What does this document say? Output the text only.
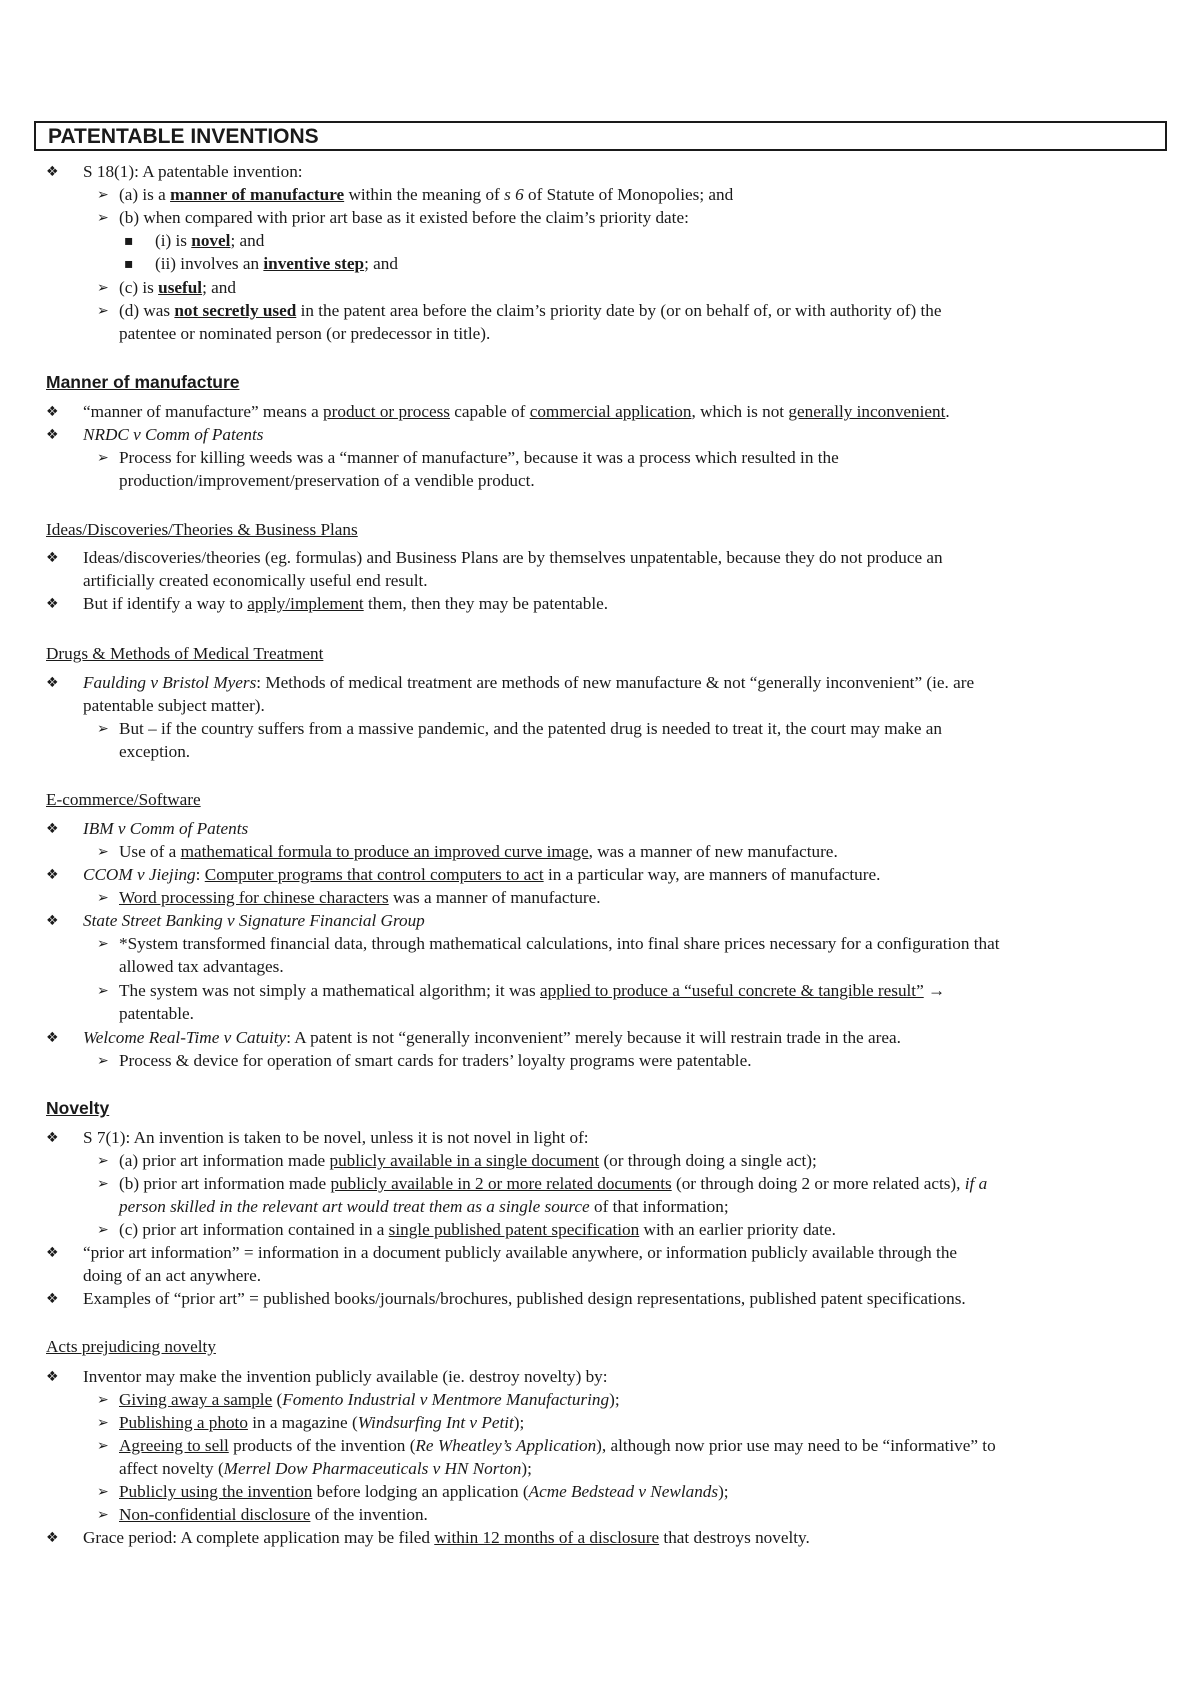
PATENTABLE INVENTIONS
❖ S 18(1): A patentable invention:
➢ (a) is a manner of manufacture within the meaning of s 6 of Statute of Monopolies; and
➢ (b) when compared with prior art base as it existed before the claim’s priority date:
▪ (i) is novel; and
▪ (ii) involves an inventive step; and
➢ (c) is useful; and
➢ (d) was not secretly used in the patent area before the claim’s priority date by (or on behalf of, or with authority of) the
patentee or nominated person (or predecessor in title).
Manner of manufacture
❖ “manner of manufacture” means a product or process capable of commercial application, which is not generally inconvenient.
❖ NRDC v Comm of Patents
➢ Process for killing weeds was a “manner of manufacture”, because it was a process which resulted in the
production/improvement/preservation of a vendible product.
Ideas/Discoveries/Theories & Business Plans
❖ Ideas/discoveries/theories (eg. formulas) and Business Plans are by themselves unpatentable, because they do not produce an
artificially created economically useful end result.
❖ But if identify a way to apply/implement them, then they may be patentable.
Drugs & Methods of Medical Treatment
❖ Faulding v Bristol Myers: Methods of medical treatment are methods of new manufacture & not “generally inconvenient” (ie. are
patentable subject matter).
➢ But – if the country suffers from a massive pandemic, and the patented drug is needed to treat it, the court may make an
exception.
E-commerce/Software
❖ IBM v Comm of Patents
➢ Use of a mathematical formula to produce an improved curve image, was a manner of new manufacture.
❖ CCOM v Jiejing: Computer programs that control computers to act in a particular way, are manners of manufacture.
➢ Word processing for chinese characters was a manner of manufacture.
❖ State Street Banking v Signature Financial Group
➢ *System transformed financial data, through mathematical calculations, into final share prices necessary for a configuration that
allowed tax advantages.
➢ The system was not simply a mathematical algorithm; it was applied to produce a “useful concrete & tangible result” →
patentable.
❖ Welcome Real-Time v Catuity: A patent is not “generally inconvenient” merely because it will restrain trade in the area.
➢ Process & device for operation of smart cards for traders’ loyalty programs were patentable.
Novelty
❖ S 7(1): An invention is taken to be novel, unless it is not novel in light of:
➢ (a) prior art information made publicly available in a single document (or through doing a single act);
➢ (b) prior art information made publicly available in 2 or more related documents (or through doing 2 or more related acts), if a
person skilled in the relevant art would treat them as a single source of that information;
➢ (c) prior art information contained in a single published patent specification with an earlier priority date.
❖ “prior art information” = information in a document publicly available anywhere, or information publicly available through the
doing of an act anywhere.
❖ Examples of “prior art” = published books/journals/brochures, published design representations, published patent specifications.
Acts prejudicing novelty
❖ Inventor may make the invention publicly available (ie. destroy novelty) by:
➢ Giving away a sample (Fomento Industrial v Mentmore Manufacturing);
➢ Publishing a photo in a magazine (Windsurfing Int v Petit);
➢ Agreeing to sell products of the invention (Re Wheatley’s Application), although now prior use may need to be “informative” to
affect novelty (Merrel Dow Pharmaceuticals v HN Norton);
➢ Publicly using the invention before lodging an application (Acme Bedstead v Newlands);
➢ Non-confidential disclosure of the invention.
❖ Grace period: A complete application may be filed within 12 months of a disclosure that destroys novelty.
